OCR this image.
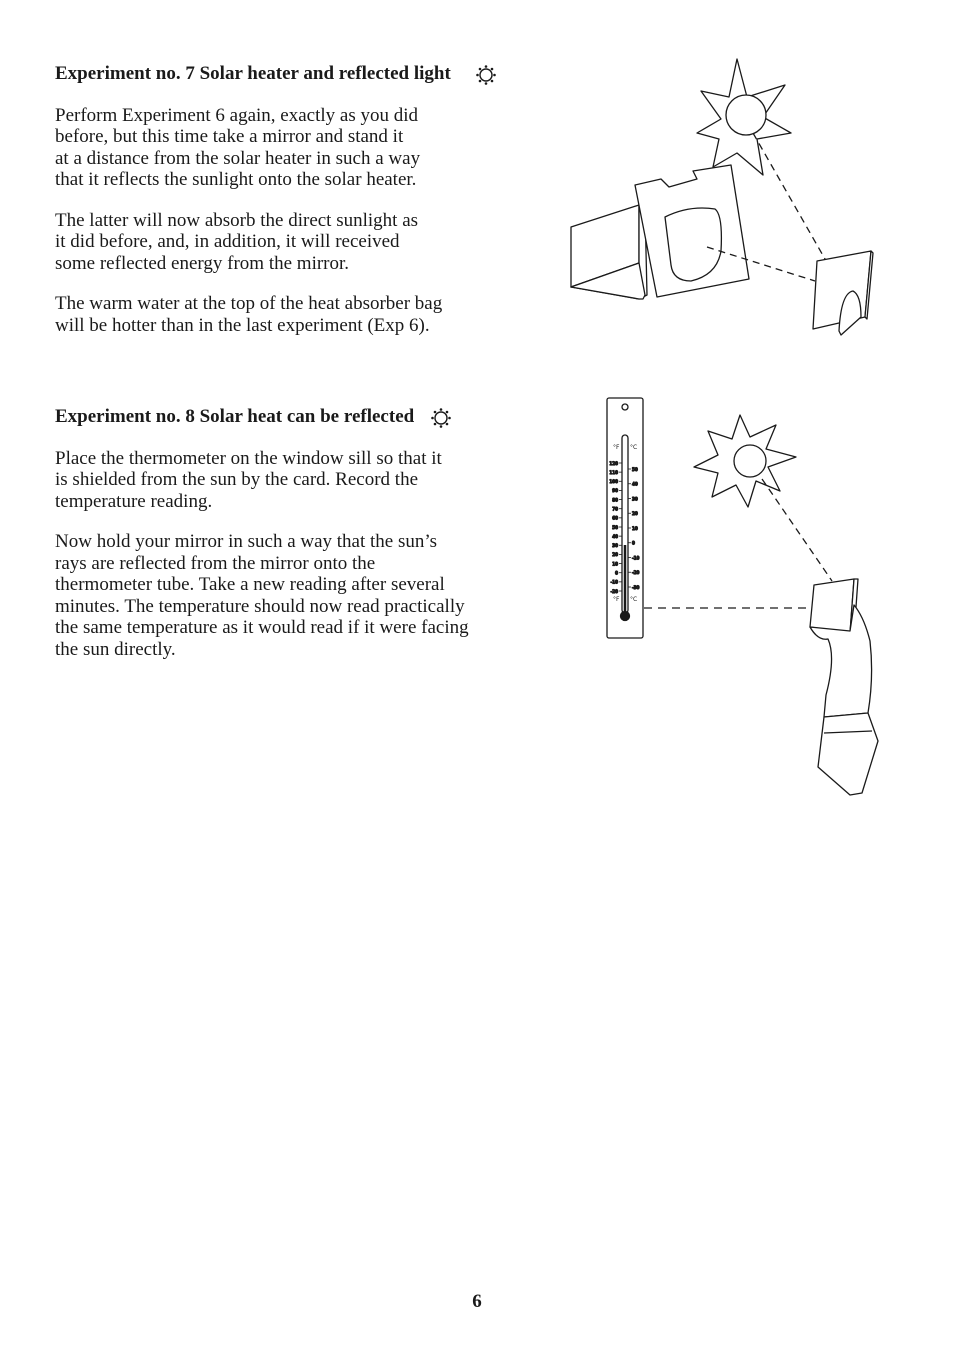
Experiment no. 7 Solar heater and reflected light

Perform Experiment 6 again, exactly as you did
before, but this time take a mirror and stand it
at a distance from the solar heater in such a way
that it reflects the sunlight onto the solar heater.

The latter will now absorb the direct sunlight as
it did before, and, in addition, it will received
some reflected energy from the mirror.

The warm water at the top of the heat absorber bag
will be hotter than in the last experiment (Exp 6).

Experiment no. 8 Solar heat can be reflected

Place the thermometer on the window sill so that it
is shielded from the sun by the card. Record the
temperature reading.

Now hold your mirror in such a way that the sun’s
rays are reflected from the mirror onto the
thermometer tube. Take a new reading after several
minutes. The temperature should now read practically
the same temperature as it would read if it were facing
the sun directly.

°F °C
°F °C
120
110
100
90
80
70
60
50
40
30
20
10
0
-10
-20
50
40
30
20
10
0
-10
-20
-30
6
